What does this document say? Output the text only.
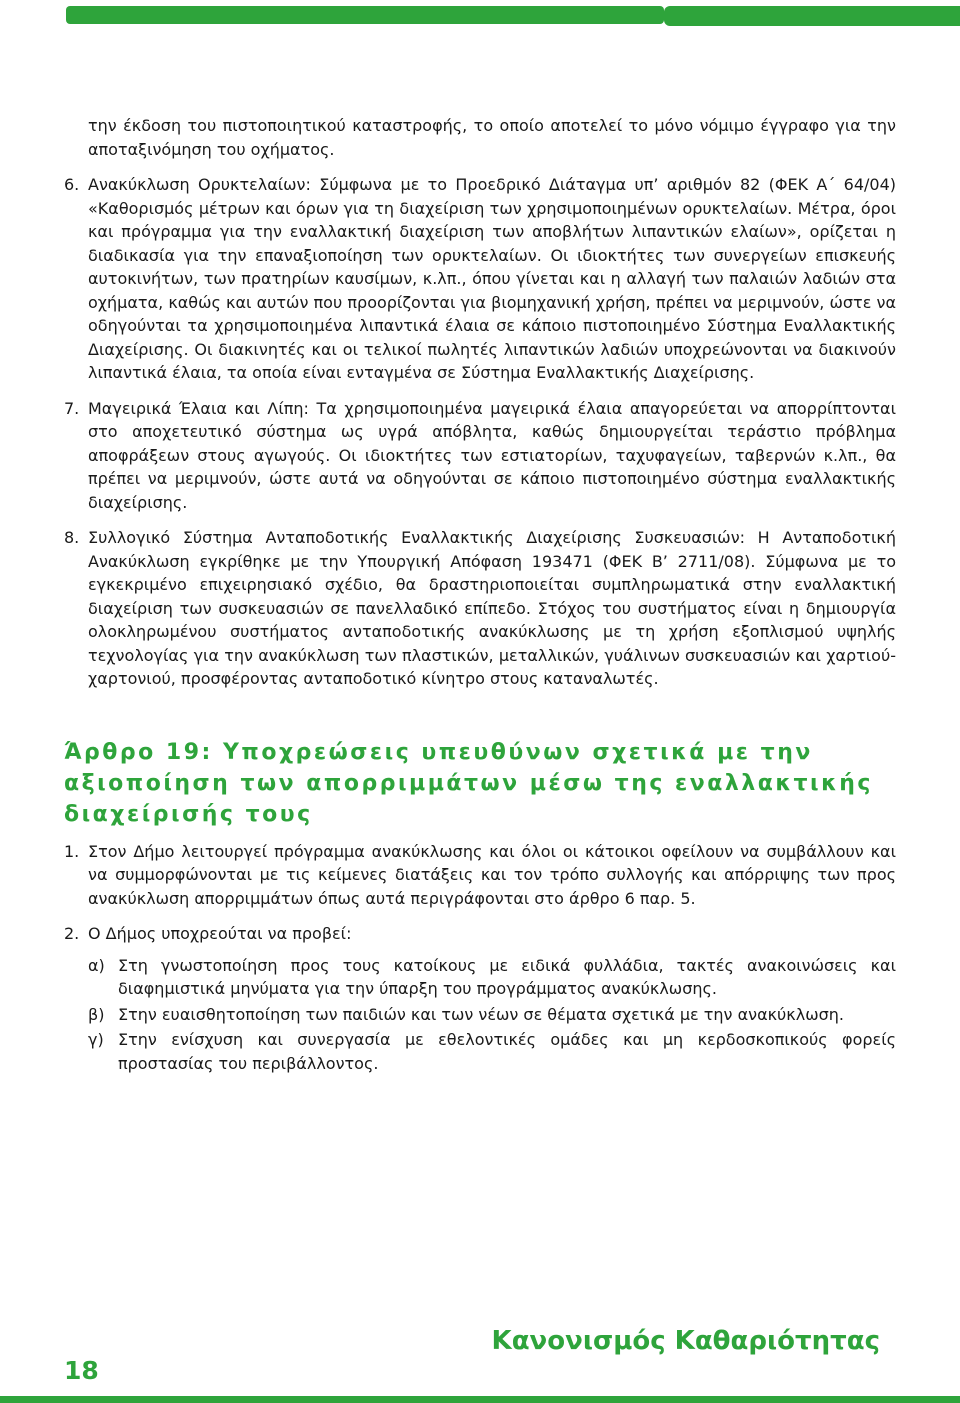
την έκδοση του πιστοποιητικού καταστροφής, το οποίο αποτελεί το μόνο νόμιμο έγγραφο για την αποταξινόμηση του οχήματος.
6. Ανακύκλωση Ορυκτελαίων: Σύμφωνα με το Προεδρικό Διάταγμα υπ’ αριθμόν 82 (ΦΕΚ Α΄ 64/04) «Καθορισμός μέτρων και όρων για τη διαχείριση των χρησιμοποιημένων ορυκτελαίων. Μέτρα, όροι και πρόγραμμα για την εναλλακτική διαχείριση των αποβλήτων λιπαντικών ελαίων», ορίζεται η διαδικασία για την επαναξιοποίηση των ορυκτελαίων. Οι ιδιοκτήτες των συνεργείων επισκευής αυτοκινήτων, των πρατηρίων καυσίμων, κ.λπ., όπου γίνεται και η αλλαγή των παλαιών λαδιών στα οχήματα, καθώς και αυτών που προορίζονται για βιομηχανική χρήση, πρέπει να μεριμνούν, ώστε να οδηγούνται τα χρησιμοποιημένα λιπαντικά έλαια σε κάποιο πιστοποιημένο Σύστημα Εναλλακτικής Διαχείρισης. Οι διακινητές και οι τελικοί πωλητές λιπαντικών λαδιών υποχρεώνονται να διακινούν λιπαντικά έλαια, τα οποία είναι ενταγμένα σε Σύστημα Εναλλακτικής Διαχείρισης.
7. Μαγειρικά Έλαια και Λίπη: Τα χρησιμοποιημένα μαγειρικά έλαια απαγορεύεται να απορρίπτονται στο αποχετευτικό σύστημα ως υγρά απόβλητα, καθώς δημιουργείται τεράστιο πρόβλημα αποφράξεων στους αγωγούς. Οι ιδιοκτήτες των εστιατορίων, ταχυφαγείων, ταβερνών κ.λπ., θα πρέπει να μεριμνούν, ώστε αυτά να οδηγούνται σε κάποιο πιστοποιημένο σύστημα εναλλακτικής διαχείρισης.
8. Συλλογικό Σύστημα Ανταποδοτικής Εναλλακτικής Διαχείρισης Συσκευασιών: Η Ανταποδοτική Ανακύκλωση εγκρίθηκε με την Υπουργική Απόφαση 193471 (ΦΕΚ Β’ 2711/08). Σύμφωνα με το εγκεκριμένο επιχειρησιακό σχέδιο, θα δραστηριοποιείται συμπληρωματικά στην εναλλακτική διαχείριση των συσκευασιών σε πανελλαδικό επίπεδο. Στόχος του συστήματος είναι η δημιουργία ολοκληρωμένου συστήματος ανταποδοτικής ανακύκλωσης με τη χρήση εξοπλισμού υψηλής τεχνολογίας για την ανακύκλωση των πλαστικών, μεταλλικών, γυάλινων συσκευασιών και χαρτιού-χαρτονιού, προσφέροντας ανταποδοτικό κίνητρο στους καταναλωτές.
Άρθρο 19: Υποχρεώσεις υπευθύνων σχετικά με την αξιοποίηση των απορριμμάτων μέσω της εναλλακτικής διαχείρισής τους
1. Στον Δήμο λειτουργεί πρόγραμμα ανακύκλωσης και όλοι οι κάτοικοι οφείλουν να συμβάλλουν και να συμμορφώνονται με τις κείμενες διατάξεις και τον τρόπο συλλογής και απόρριψης των προς ανακύκλωση απορριμμάτων όπως αυτά περιγράφονται στο άρθρο 6 παρ. 5.
2. Ο Δήμος υποχρεούται να προβεί:
α) Στη γνωστοποίηση προς τους κατοίκους με ειδικά φυλλάδια, τακτές ανακοινώσεις και διαφημιστικά μηνύματα για την ύπαρξη του προγράμματος ανακύκλωσης.
β) Στην ευαισθητοποίηση των παιδιών και των νέων σε θέματα σχετικά με την ανακύκλωση.
γ) Στην ενίσχυση και συνεργασία με εθελοντικές ομάδες και μη κερδοσκοπικούς φορείς προστασίας του περιβάλλοντος.
18
Κανονισμός Καθαριότητας
